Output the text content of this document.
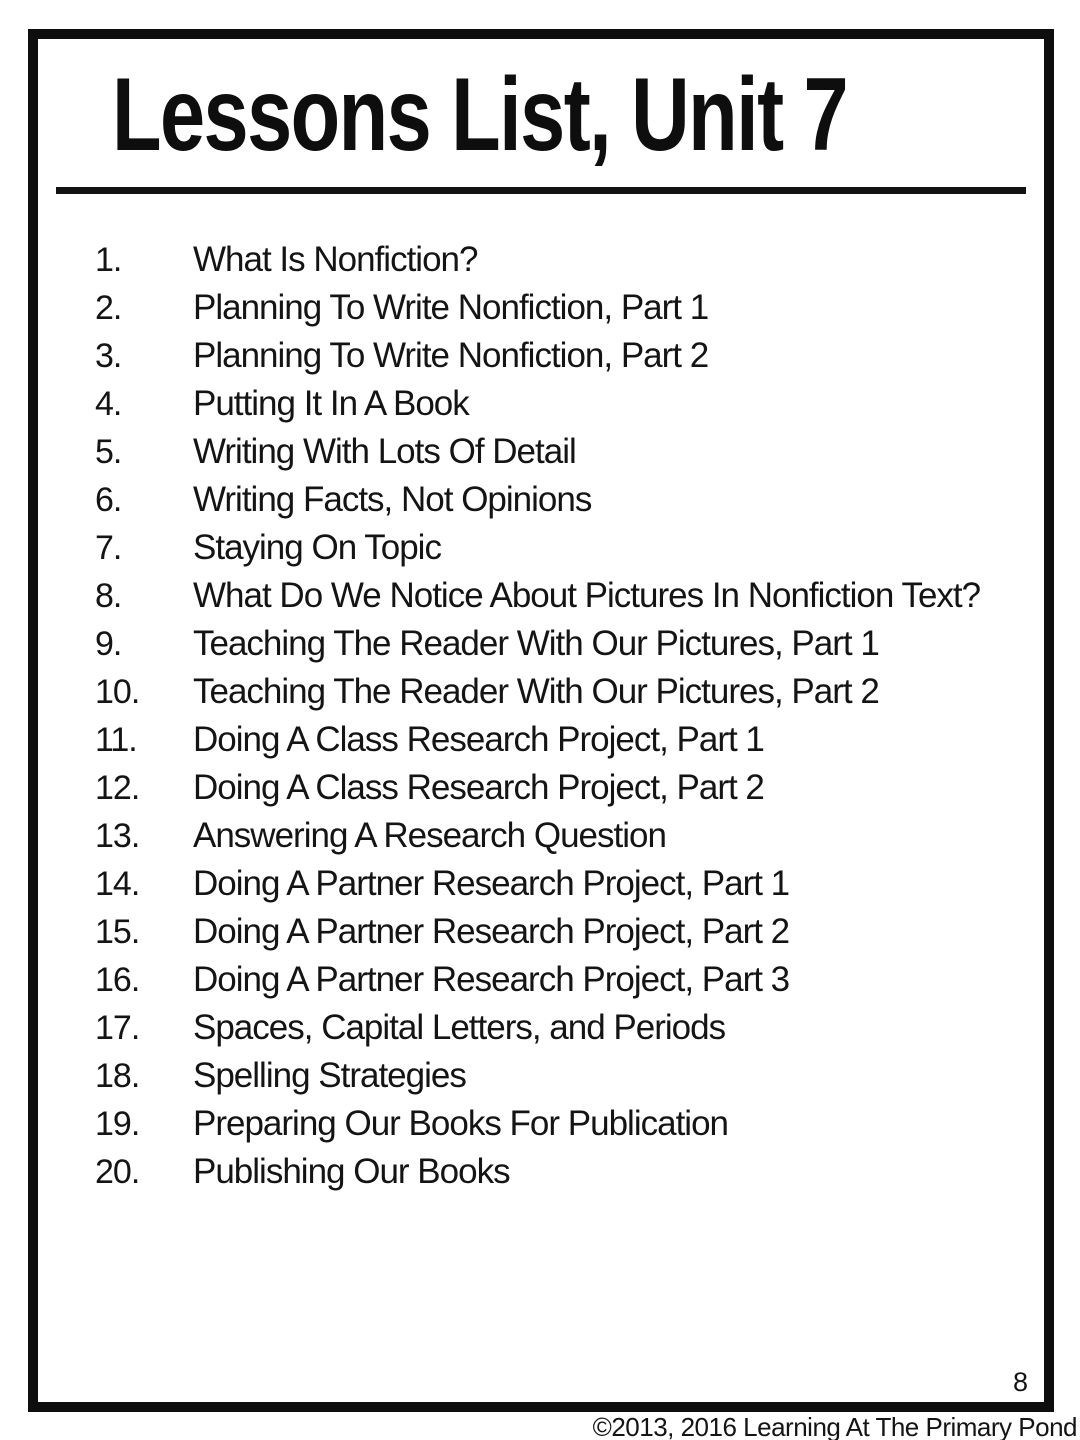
Lessons List, Unit 7
1.	What Is Nonfiction?
2.	Planning To Write Nonfiction, Part 1
3.	Planning To Write Nonfiction, Part 2
4.	Putting It In A Book
5.	Writing With Lots Of Detail
6.	Writing Facts, Not Opinions
7.	Staying On Topic
8.	What Do We Notice About Pictures In Nonfiction Text?
9.	Teaching The Reader With Our Pictures, Part 1
10.	Teaching The Reader With Our Pictures, Part 2
11.	Doing A Class Research Project, Part 1
12.	Doing A Class Research Project, Part 2
13.	Answering A Research Question
14.	Doing A Partner Research Project, Part 1
15.	Doing A Partner Research Project, Part 2
16.	Doing A Partner Research Project, Part 3
17.	Spaces, Capital Letters, and Periods
18.	Spelling Strategies
19.	Preparing Our Books For Publication
20.	Publishing Our Books
8
©2013, 2016 Learning At The Primary Pond
